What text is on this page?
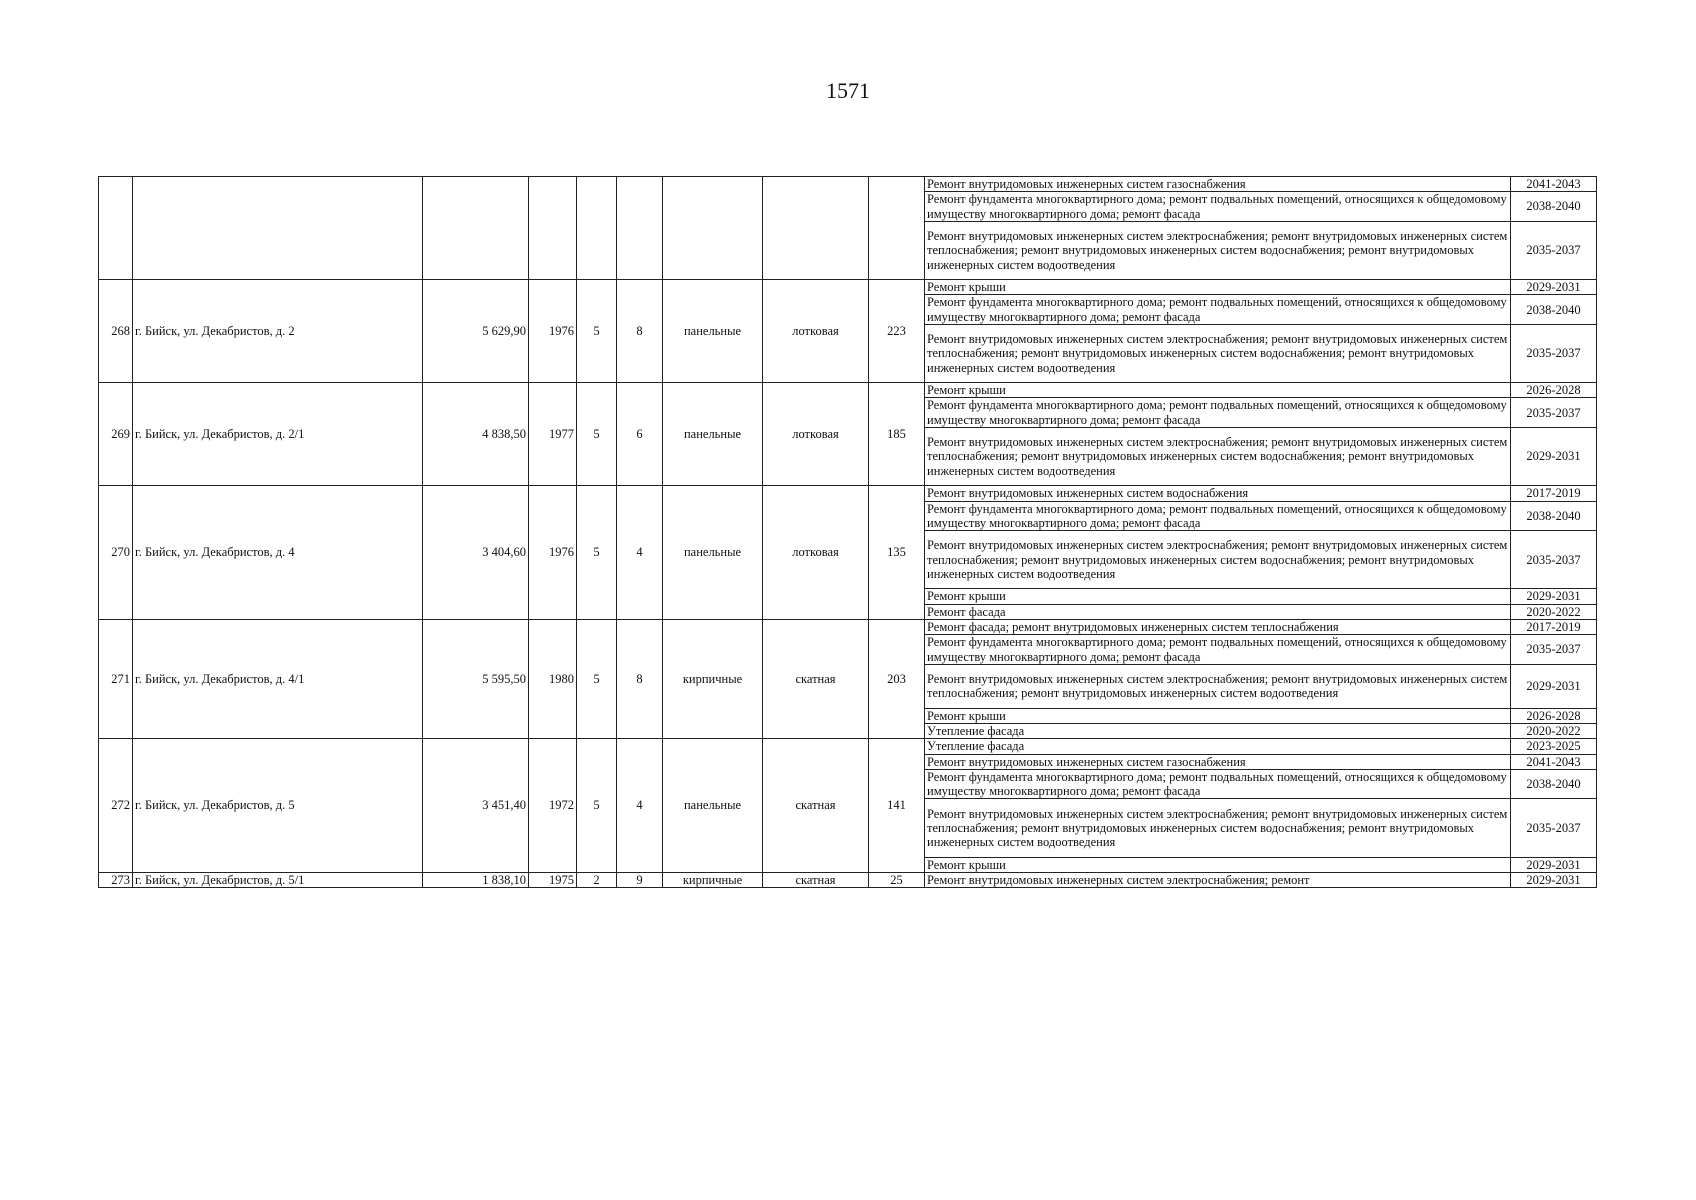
1571
									Ремонт внутридомовых инженерных систем газоснабжения	2041-2043
									Ремонт фундамента многоквартирного дома; ремонт подвальных помещений, относящихся к общедомовому имуществу многоквартирного дома; ремонт фасада	2038-2040
									Ремонт внутридомовых инженерных систем электроснабжения; ремонт внутридомовых инженерных систем теплоснабжения; ремонт внутридомовых инженерных систем водоснабжения; ремонт внутридомовых инженерных систем водоотведения	2035-2037
268	г. Бийск, ул. Декабристов, д. 2	5 629,90	1976	5	8	панельные	лотковая	223	Ремонт крыши	2029-2031
									Ремонт фундамента многоквартирного дома; ремонт подвальных помещений, относящихся к общедомовому имуществу многоквартирного дома; ремонт фасада	2038-2040
									Ремонт внутридомовых инженерных систем электроснабжения; ремонт внутридомовых инженерных систем теплоснабжения; ремонт внутридомовых инженерных систем водоснабжения; ремонт внутридомовых инженерных систем водоотведения	2035-2037
269	г. Бийск, ул. Декабристов, д. 2/1	4 838,50	1977	5	6	панельные	лотковая	185	Ремонт крыши	2026-2028
									Ремонт фундамента многоквартирного дома; ремонт подвальных помещений, относящихся к общедомовому имуществу многоквартирного дома; ремонт фасада	2035-2037
									Ремонт внутридомовых инженерных систем электроснабжения; ремонт внутридомовых инженерных систем теплоснабжения; ремонт внутридомовых инженерных систем водоснабжения; ремонт внутридомовых инженерных систем водоотведения	2029-2031
270	г. Бийск, ул. Декабристов, д. 4	3 404,60	1976	5	4	панельные	лотковая	135	Ремонт внутридомовых инженерных систем водоснабжения	2017-2019
									Ремонт фундамента многоквартирного дома; ремонт подвальных помещений, относящихся к общедомовому имуществу многоквартирного дома; ремонт фасада	2038-2040
									Ремонт внутридомовых инженерных систем электроснабжения; ремонт внутридомовых инженерных систем теплоснабжения; ремонт внутридомовых инженерных систем водоснабжения; ремонт внутридомовых инженерных систем водоотведения	2035-2037
									Ремонт крыши	2029-2031
									Ремонт фасада	2020-2022
271	г. Бийск, ул. Декабристов, д. 4/1	5 595,50	1980	5	8	кирпичные	скатная	203	Ремонт фасада; ремонт внутридомовых инженерных систем теплоснабжения	2017-2019
									Ремонт фундамента многоквартирного дома; ремонт подвальных помещений, относящихся к общедомовому имуществу многоквартирного дома; ремонт фасада	2035-2037
									Ремонт внутридомовых инженерных систем электроснабжения; ремонт внутридомовых инженерных систем теплоснабжения; ремонт внутридомовых инженерных систем водоотведения	2029-2031
									Ремонт крыши	2026-2028
									Утепление фасада	2020-2022
272	г. Бийск, ул. Декабристов, д. 5	3 451,40	1972	5	4	панельные	скатная	141	Утепление фасада	2023-2025
									Ремонт внутридомовых инженерных систем газоснабжения	2041-2043
									Ремонт фундамента многоквартирного дома; ремонт подвальных помещений, относящихся к общедомовому имуществу многоквартирного дома; ремонт фасада	2038-2040
									Ремонт внутридомовых инженерных систем электроснабжения; ремонт внутридомовых инженерных систем теплоснабжения; ремонт внутридомовых инженерных систем водоснабжения; ремонт внутридомовых инженерных систем водоотведения	2035-2037
									Ремонт крыши	2029-2031
273	г. Бийск, ул. Декабристов, д. 5/1	1 838,10	1975	2	9	кирпичные	скатная	25	Ремонт внутридомовых инженерных систем электроснабжения; ремонт	2029-2031
